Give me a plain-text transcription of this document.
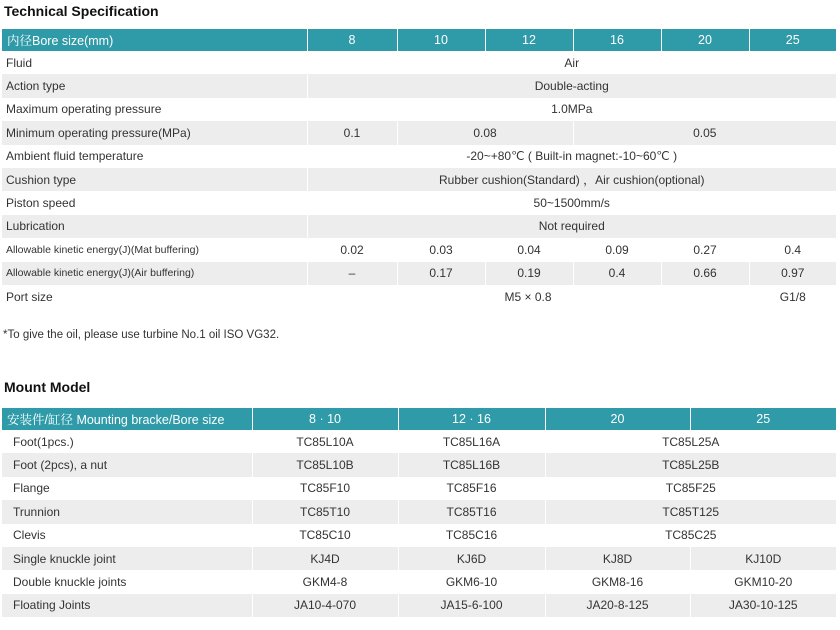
Technical Specification
内径Bore size(mm)	8	10	12	16	20	25
Fluid	Air					
Action type	Double-acting					
Maximum operating pressure	1.0MPa					
Minimum operating pressure(MPa)	0.1	0.08		0.05		
Ambient fluid temperature	-20~+80℃ ( Built-in magnet:-10~60℃ )					
Cushion type	Rubber cushion(Standard) ，Air cushion(optional)					
Piston speed	50~1500mm/s					
Lubrication	Not required					
Allowable kinetic energy(J)(Mat buffering)	0.02	0.03	0.04	0.09	0.27	0.4
Allowable kinetic energy(J)(Air buffering)	–	0.17	0.19	0.4	0.66	0.97
Port size	M5 × 0.8					G1/8

*To give the oil, please use turbine No.1 oil ISO VG32.

Mount Model
安装件/缸径 Mounting bracke/Bore size	8 · 10	12 · 16	20	25
Foot(1pcs.)	TC85L10A	TC85L16A	TC85L25A	
Foot (2pcs), a nut	TC85L10B	TC85L16B	TC85L25B	
Flange	TC85F10	TC85F16	TC85F25	
Trunnion	TC85T10	TC85T16	TC85T125	
Clevis	TC85C10	TC85C16	TC85C25	
Single knuckle joint	KJ4D	KJ6D	KJ8D	KJ10D
Double knuckle joints	GKM4-8	GKM6-10	GKM8-16	GKM10-20
Floating Joints	JA10-4-070	JA15-6-100	JA20-8-125	JA30-10-125
